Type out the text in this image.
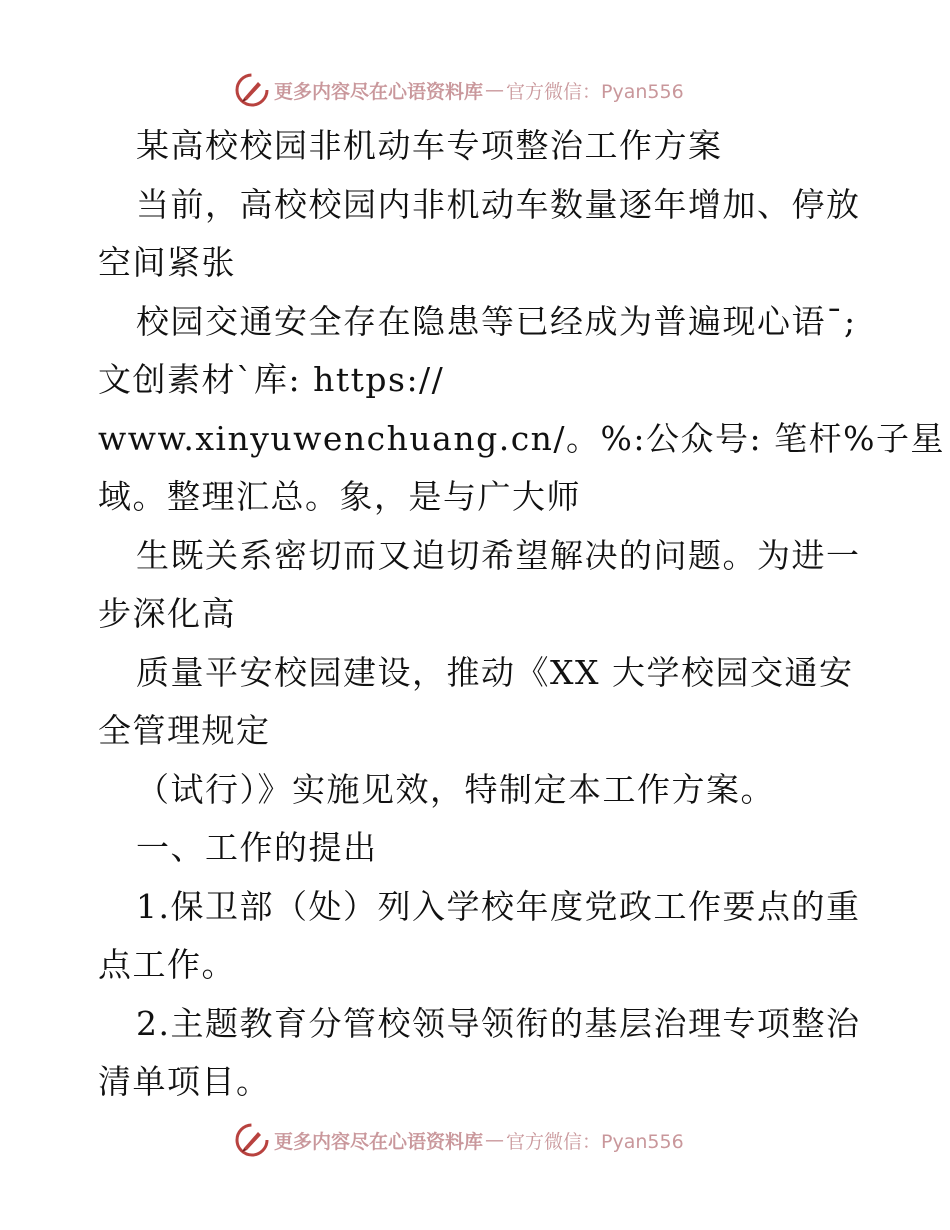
更多内容尽在心语资料库 — 官方微信：Pyan556
某高校校园非机动车专项整治工作方案
当前，高校校园内非机动车数量逐年增加、停放
空间紧张
校园交通安全存在隐患等已经成为普遍现心语¯;
文创素材`库: https://
www.xinyuwenchuang.cn/。%:公众号: 笔杆%子星
域。整理汇总。象，是与广大师
生既关系密切而又迫切希望解决的问题。为进一
步深化高
质量平安校园建设，推动《XX 大学校园交通安
全管理规定
（试行）》实施见效，特制定本工作方案。
一、工作的提出
1.保卫部（处）列入学校年度党政工作要点的重
点工作。
2.主题教育分管校领导领衔的基层治理专项整治
清单项目。
更多内容尽在心语资料库 — 官方微信：Pyan556
